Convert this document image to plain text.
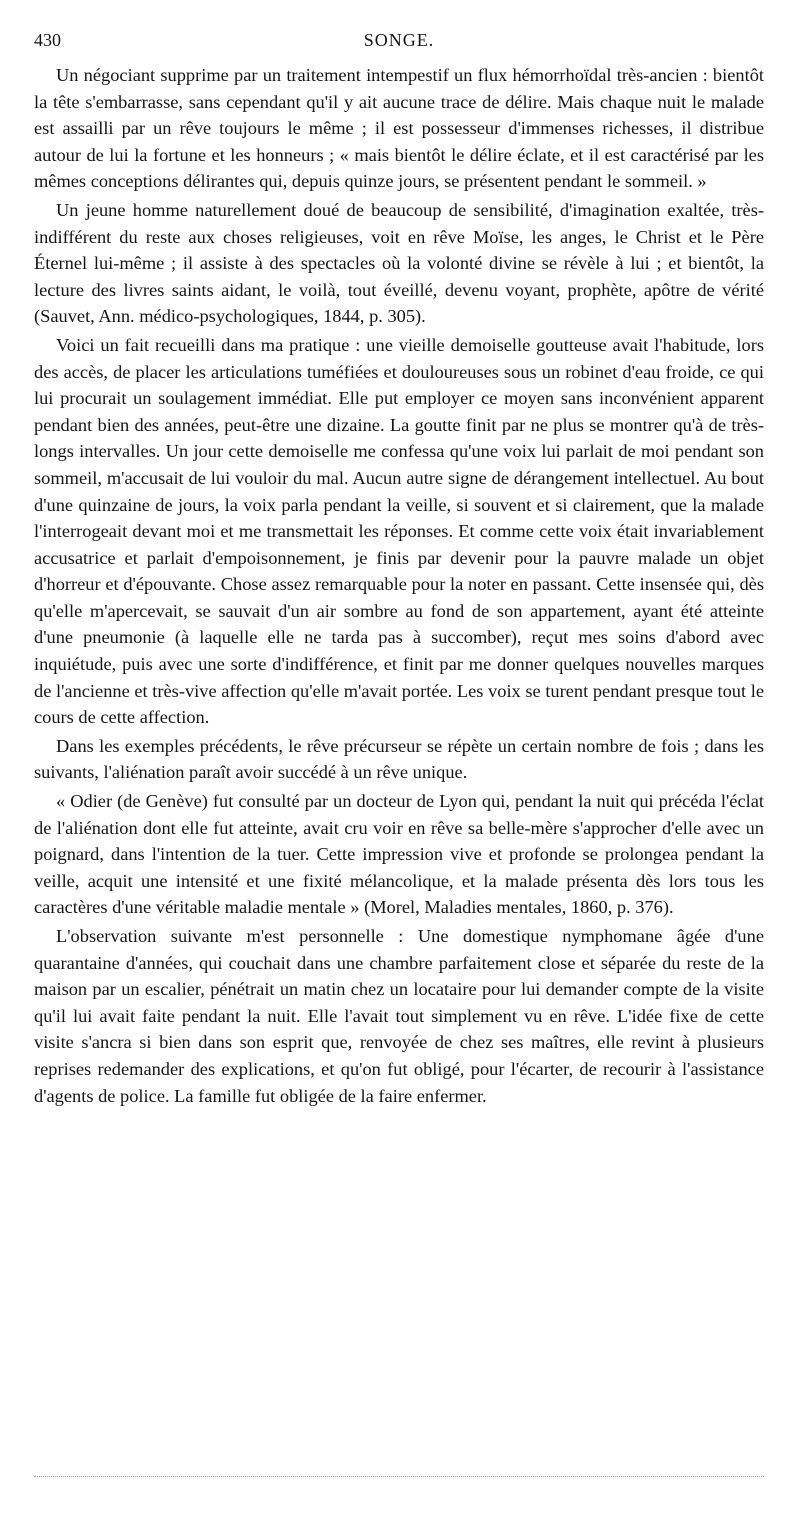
430	SONGE.

Un négociant supprime par un traitement intempestif un flux hémorrhoïdal très-ancien : bientôt la tête s'embarrasse, sans cependant qu'il y ait aucune trace de délire. Mais chaque nuit le malade est assailli par un rêve toujours le même ; il est possesseur d'immenses richesses, il distribue autour de lui la fortune et les honneurs ; « mais bientôt le délire éclate, et il est caractérisé par les mêmes conceptions délirantes qui, depuis quinze jours, se présentent pendant le sommeil. »

Un jeune homme naturellement doué de beaucoup de sensibilité, d'imagination exaltée, très-indifférent du reste aux choses religieuses, voit en rêve Moïse, les anges, le Christ et le Père Éternel lui-même ; il assiste à des spectacles où la volonté divine se révèle à lui ; et bientôt, la lecture des livres saints aidant, le voilà, tout éveillé, devenu voyant, prophète, apôtre de vérité (Sauvet, Ann. médico-psychologiques, 1844, p. 305).

Voici un fait recueilli dans ma pratique : une vieille demoiselle goutteuse avait l'habitude, lors des accès, de placer les articulations tuméfiées et douloureuses sous un robinet d'eau froide, ce qui lui procurait un soulagement immédiat. Elle put employer ce moyen sans inconvénient apparent pendant bien des années, peut-être une dizaine. La goutte finit par ne plus se montrer qu'à de très-longs intervalles. Un jour cette demoiselle me confessa qu'une voix lui parlait de moi pendant son sommeil, m'accusait de lui vouloir du mal. Aucun autre signe de dérangement intellectuel. Au bout d'une quinzaine de jours, la voix parla pendant la veille, si souvent et si clairement, que la malade l'interrogeait devant moi et me transmettait les réponses. Et comme cette voix était invariablement accusatrice et parlait d'empoisonnement, je finis par devenir pour la pauvre malade un objet d'horreur et d'épouvante. Chose assez remarquable pour la noter en passant. Cette insensée qui, dès qu'elle m'apercevait, se sauvait d'un air sombre au fond de son appartement, ayant été atteinte d'une pneumonie (à laquelle elle ne tarda pas à succomber), reçut mes soins d'abord avec inquiétude, puis avec une sorte d'indifférence, et finit par me donner quelques nouvelles marques de l'ancienne et très-vive affection qu'elle m'avait portée. Les voix se turent pendant presque tout le cours de cette affection.

Dans les exemples précédents, le rêve précurseur se répète un certain nombre de fois ; dans les suivants, l'aliénation paraît avoir succédé à un rêve unique.

« Odier (de Genève) fut consulté par un docteur de Lyon qui, pendant la nuit qui précéda l'éclat de l'aliénation dont elle fut atteinte, avait cru voir en rêve sa belle-mère s'approcher d'elle avec un poignard, dans l'intention de la tuer. Cette impression vive et profonde se prolongea pendant la veille, acquit une intensité et une fixité mélancolique, et la malade présenta dès lors tous les caractères d'une véritable maladie mentale » (Morel, Maladies mentales, 1860, p. 376).

L'observation suivante m'est personnelle : Une domestique nymphomane âgée d'une quarantaine d'années, qui couchait dans une chambre parfaitement close et séparée du reste de la maison par un escalier, pénétrait un matin chez un locataire pour lui demander compte de la visite qu'il lui avait faite pendant la nuit. Elle l'avait tout simplement vu en rêve. L'idée fixe de cette visite s'ancra si bien dans son esprit que, renvoyée de chez ses maîtres, elle revint à plusieurs reprises redemander des explications, et qu'on fut obligé, pour l'écarter, de recourir à l'assistance d'agents de police. La famille fut obligée de la faire enfermer.
